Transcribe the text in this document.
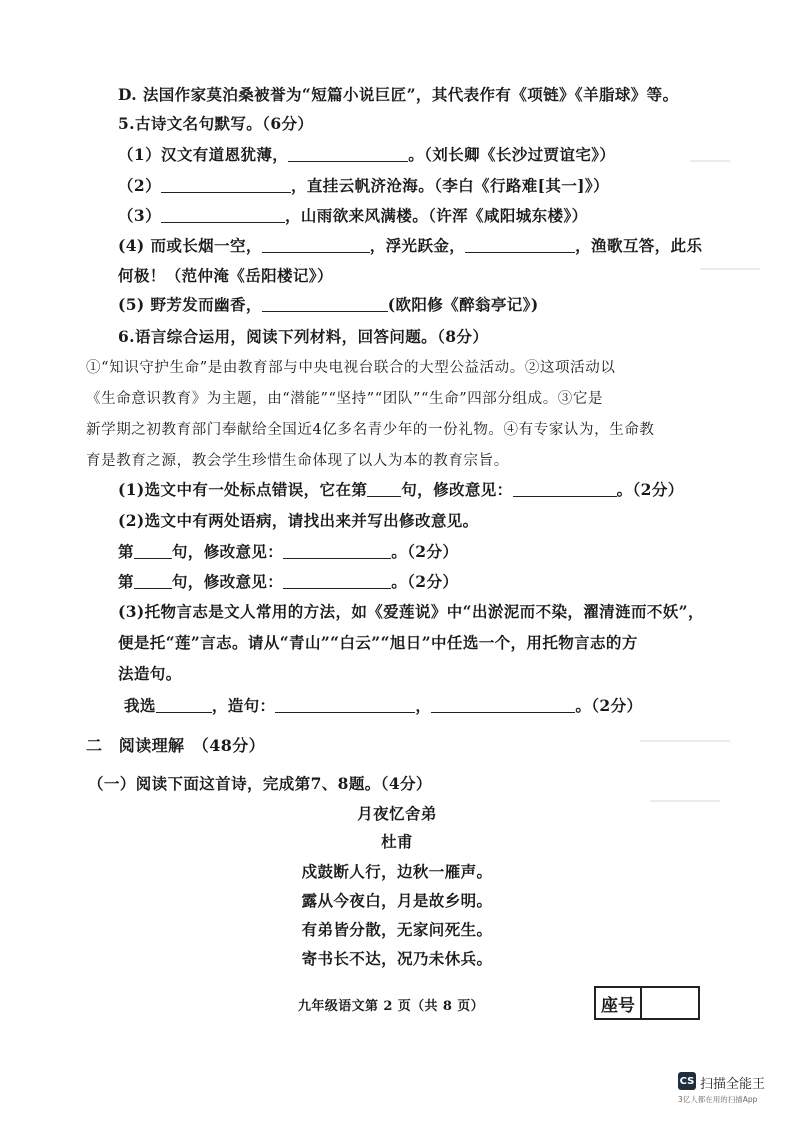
D. 法国作家莫泊桑被誉为“短篇小说巨匠”，其代表作有《项链》《羊脂球》等。
5.古诗文名句默写。（6分）
（1）汉文有道恩犹薄，	。（刘长卿《长沙过贾谊宅》）
（2）	，直挂云帆济沧海。（李白《行路难[其一]》）
（3）	，山雨欲来风满楼。（许浑《咸阳城东楼》）
(4) 而或长烟一空，	，浮光跃金，	，渔歌互答，此乐
何极！（范仲淹《岳阳楼记》）
(5) 野芳发而幽香，	(欧阳修《醉翁亭记》)
6.语言综合运用，阅读下列材料，回答问题。（8分）
①“知识守护生命”是由教育部与中央电视台联合的大型公益活动。②这项活动以
《生命意识教育》为主题，由“潜能”“坚持”“团队”“生命”四部分组成。③它是
新学期之初教育部门奉献给全国近4亿多名青少年的一份礼物。④有专家认为，生命教
育是教育之源，教会学生珍惜生命体现了以人为本的教育宗旨。
(1)选文中有一处标点错误，它在第 句，修改意见：	。（2分）
(2)选文中有两处语病，请找出来并写出修改意见。
第 句，修改意见：	。（2分）
第 句，修改意见：	。（2分）
(3)托物言志是文人常用的方法，如《爱莲说》中“出淤泥而不染，濯清涟而不妖”，
便是托“莲”言志。请从“青山”“白云”“旭日”中任选一个，用托物言志的方
法造句。
我选	，造句：	，	。（2分）
二　阅读理解　（48分）
（一）阅读下面这首诗，完成第7、8题。（4分）
月夜忆舍弟
杜甫
戍鼓断人行，边秋一雁声。
露从今夜白，月是故乡明。
有弟皆分散，无家问死生。
寄书长不达，况乃未休兵。
九年级语文第 2 页（共 8 页）	座号
CS 扫描全能王
3亿人都在用的扫描App
